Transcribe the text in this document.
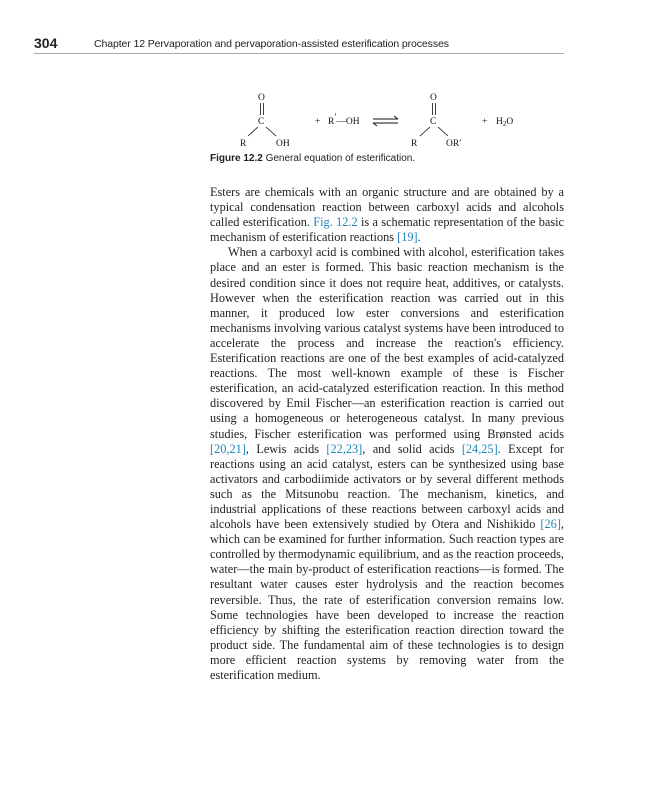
304	Chapter 12 Pervaporation and pervaporation-assisted esterification processes
O
C
R	OH
+ R′—OH
O
C
R	OR′
+ $H_2O$
Figure 12.2 General equation of esterification.

Esters are chemicals with an organic structure and are obtained by a typical condensation reaction between carboxyl acids and alcohols called esterification. Fig. 12.2 is a schematic representation of the basic mechanism of esterification reactions [19].

When a carboxyl acid is combined with alcohol, esterification takes place and an ester is formed. This basic reaction mechanism is the desired condition since it does not require heat, additives, or catalysts. However when the esterification reaction was carried out in this manner, it produced low ester conversions and esterification mechanisms involving various catalyst systems have been introduced to accelerate the process and increase the reaction's efficiency. Esterification reactions are one of the best examples of acid-catalyzed reactions. The most well-known example of these is Fischer esterification, an acid-catalyzed esterification reaction. In this method discovered by Emil Fischer—an esterification reaction is carried out using a homogeneous or heterogeneous catalyst. In many previous studies, Fischer esterification was performed using Brønsted acids [20,21], Lewis acids [22,23], and solid acids [24,25]. Except for reactions using an acid catalyst, esters can be synthesized using base activators and carbodiimide activators or by several different methods such as the Mitsunobu reaction. The mechanism, kinetics, and industrial applications of these reactions between carboxyl acids and alcohols have been extensively studied by Otera and Nishikido [26], which can be examined for further information. Such reaction types are controlled by thermodynamic equilibrium, and as the reaction proceeds, water—the main by-product of esterification reactions—is formed. The resultant water causes ester hydrolysis and the reaction becomes reversible. Thus, the rate of esterification conversion remains low. Some technologies have been developed to increase the reaction efficiency by shifting the esterification reaction direction toward the product side. The fundamental aim of these technologies is to design more efficient reaction systems by removing water from the esterification medium.
